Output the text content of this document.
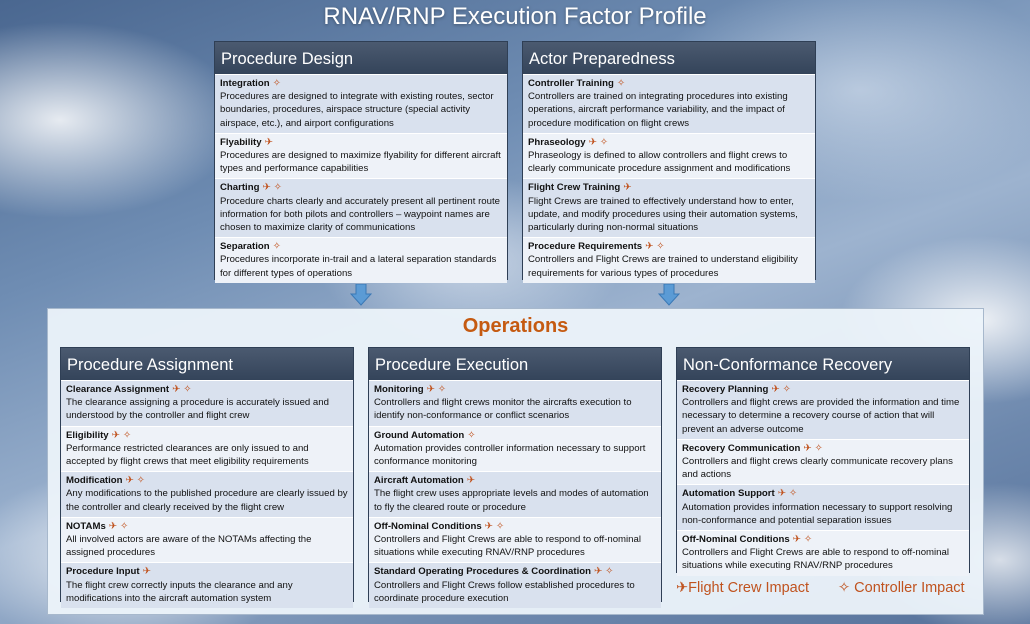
RNAV/RNP Execution Factor Profile
Operations
Procedure Design
Integration ✧
Procedures are designed to integrate with existing routes, sector boundaries, procedures, airspace structure (special activity airspace, etc.), and airport configurations
Flyability ✈
Procedures are designed to maximize flyability for different aircraft types and performance capabilities
Charting ✈ ✧
Procedure charts clearly and accurately present all pertinent route information for both pilots and controllers – waypoint names are chosen to maximize clarity of communications
Separation ✧
Procedures incorporate in-trail and a lateral separation standards for different types of operations
Actor Preparedness
Controller Training ✧
Controllers are trained on integrating procedures into existing operations, aircraft performance variability, and the impact of procedure modification on flight crews
Phraseology ✈ ✧
Phraseology is defined to allow controllers and flight crews to clearly communicate procedure assignment and modifications
Flight Crew Training ✈
Flight Crews are trained to effectively understand how to enter, update, and modify procedures using their automation systems, particularly during non-normal situations
Procedure Requirements ✈ ✧
Controllers and Flight Crews are trained to understand eligibility requirements for various types of procedures
Procedure Assignment
Clearance Assignment ✈ ✧
The clearance assigning a procedure is accurately issued and understood by the controller and flight crew
Eligibility ✈ ✧
Performance restricted clearances are only issued to and accepted by flight crews that meet eligibility requirements
Modification ✈ ✧
Any modifications to the published procedure are clearly issued by the controller and clearly received by the flight crew
NOTAMs ✈ ✧
All involved actors are aware of the NOTAMs affecting the assigned procedures
Procedure Input ✈
The flight crew correctly inputs the clearance and any modifications into the aircraft automation system
Procedure Execution
Monitoring ✈ ✧
Controllers and flight crews monitor the aircrafts execution to identify non-conformance or conflict scenarios
Ground Automation ✧
Automation provides controller information necessary to support conformance monitoring
Aircraft Automation ✈
The flight crew uses appropriate levels and modes of automation to fly the cleared route or procedure
Off-Nominal Conditions ✈ ✧
Controllers and Flight Crews are able to respond to off-nominal situations while executing RNAV/RNP procedures
Standard Operating Procedures & Coordination ✈ ✧
Controllers and Flight Crews follow established procedures to coordinate procedure execution
Non-Conformance Recovery
Recovery Planning ✈ ✧
Controllers and flight crews are provided the information and time necessary to determine a recovery course of action that will prevent an adverse outcome
Recovery Communication ✈ ✧
Controllers and flight crews clearly communicate recovery plans and actions
Automation Support ✈ ✧
Automation provides information necessary to support resolving non-conformance and potential separation issues
Off-Nominal Conditions ✈ ✧
Controllers and Flight Crews are able to respond to off-nominal situations while executing RNAV/RNP procedures
✈Flight Crew Impact ✧ Controller Impact
